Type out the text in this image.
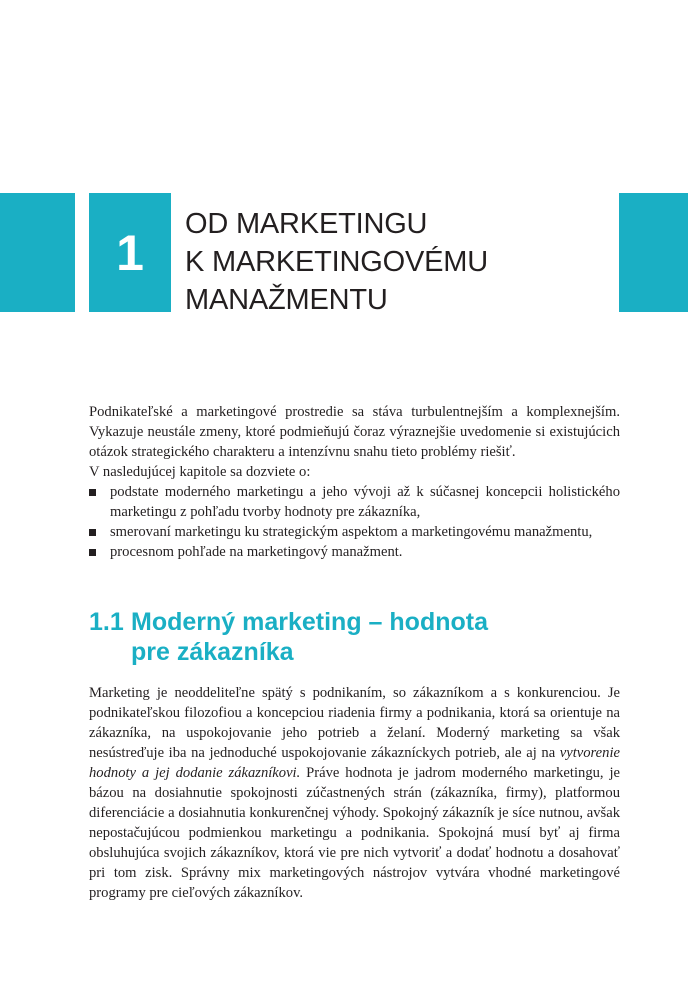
1
OD MARKETINGU
K MARKETINGOVÉMU
MANAŽMENTU

Podnikateľské a marketingové prostredie sa stáva turbulentnejším a komplexnejším. Vykazuje neustále zmeny, ktoré podmieňujú čoraz výraznejšie uvedomenie si existujúcich otázok strategického charakteru a intenzívnu snahu tieto problémy riešiť.

V nasledujúcej kapitole sa dozviete o:

podstate moderného marketingu a jeho vývoji až k súčasnej koncepcii holistického marketingu z pohľadu tvorby hodnoty pre zákazníka,
smerovaní marketingu ku strategickým aspektom a marketingovému manažmentu,
procesnom pohľade na marketingový manažment.
1.1 Moderný marketing – hodnota
pre zákazníka

Marketing je neoddeliteľne spätý s podnikaním, so zákazníkom a s konkurenciou. Je podnikateľskou filozofiou a koncepciou riadenia firmy a podnikania, ktorá sa orientuje na zákazníka, na uspokojovanie jeho potrieb a želaní. Moderný marketing sa však nesústreďuje iba na jednoduché uspokojovanie zákazníckych potrieb, ale aj na vytvorenie hodnoty a jej dodanie zákazníkovi. Práve hodnota je jadrom moderného marketingu, je bázou na dosiahnutie spokojnosti zúčastnených strán (zákazníka, firmy), platformou diferenciácie a dosiahnutia konkurenčnej výhody. Spokojný zákazník je síce nutnou, avšak nepostačujúcou podmienkou marketingu a podnikania. Spokojná musí byť aj firma obsluhujúca svojich zákazníkov, ktorá vie pre nich vytvoriť a dodať hodnotu a dosahovať pri tom zisk. Správny mix marketingových nástrojov vytvára vhodné marketingové programy pre cieľových zákazníkov.
